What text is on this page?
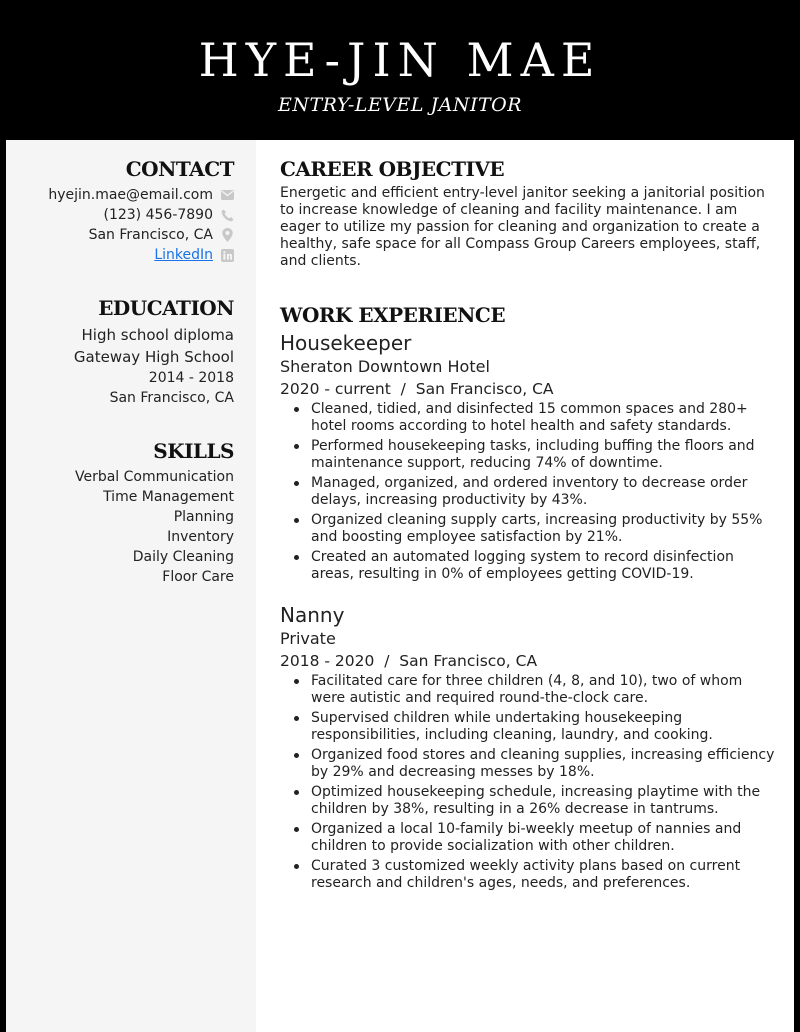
HYE-JIN MAE
ENTRY-LEVEL JANITOR
CONTACT
hyejin.mae@email.com
(123) 456-7890
San Francisco, CA
LinkedIn
EDUCATION
High school diploma
Gateway High School
2014 - 2018
San Francisco, CA
SKILLS
Verbal Communication
Time Management
Planning
Inventory
Daily Cleaning
Floor Care
CAREER OBJECTIVE
Energetic and efficient entry-level janitor seeking a janitorial position to increase knowledge of cleaning and facility maintenance. I am eager to utilize my passion for cleaning and organization to create a healthy, safe space for all Compass Group Careers employees, staff, and clients.
WORK EXPERIENCE
Housekeeper
Sheraton Downtown Hotel
2020 - current / San Francisco, CA
Cleaned, tidied, and disinfected 15 common spaces and 280+ hotel rooms according to hotel health and safety standards.
Performed housekeeping tasks, including buffing the floors and maintenance support, reducing 74% of downtime.
Managed, organized, and ordered inventory to decrease order delays, increasing productivity by 43%.
Organized cleaning supply carts, increasing productivity by 55% and boosting employee satisfaction by 21%.
Created an automated logging system to record disinfection areas, resulting in 0% of employees getting COVID-19.
Nanny
Private
2018 - 2020 / San Francisco, CA
Facilitated care for three children (4, 8, and 10), two of whom were autistic and required round-the-clock care.
Supervised children while undertaking housekeeping responsibilities, including cleaning, laundry, and cooking.
Organized food stores and cleaning supplies, increasing efficiency by 29% and decreasing messes by 18%.
Optimized housekeeping schedule, increasing playtime with the children by 38%, resulting in a 26% decrease in tantrums.
Organized a local 10-family bi-weekly meetup of nannies and children to provide socialization with other children.
Curated 3 customized weekly activity plans based on current research and children's ages, needs, and preferences.
